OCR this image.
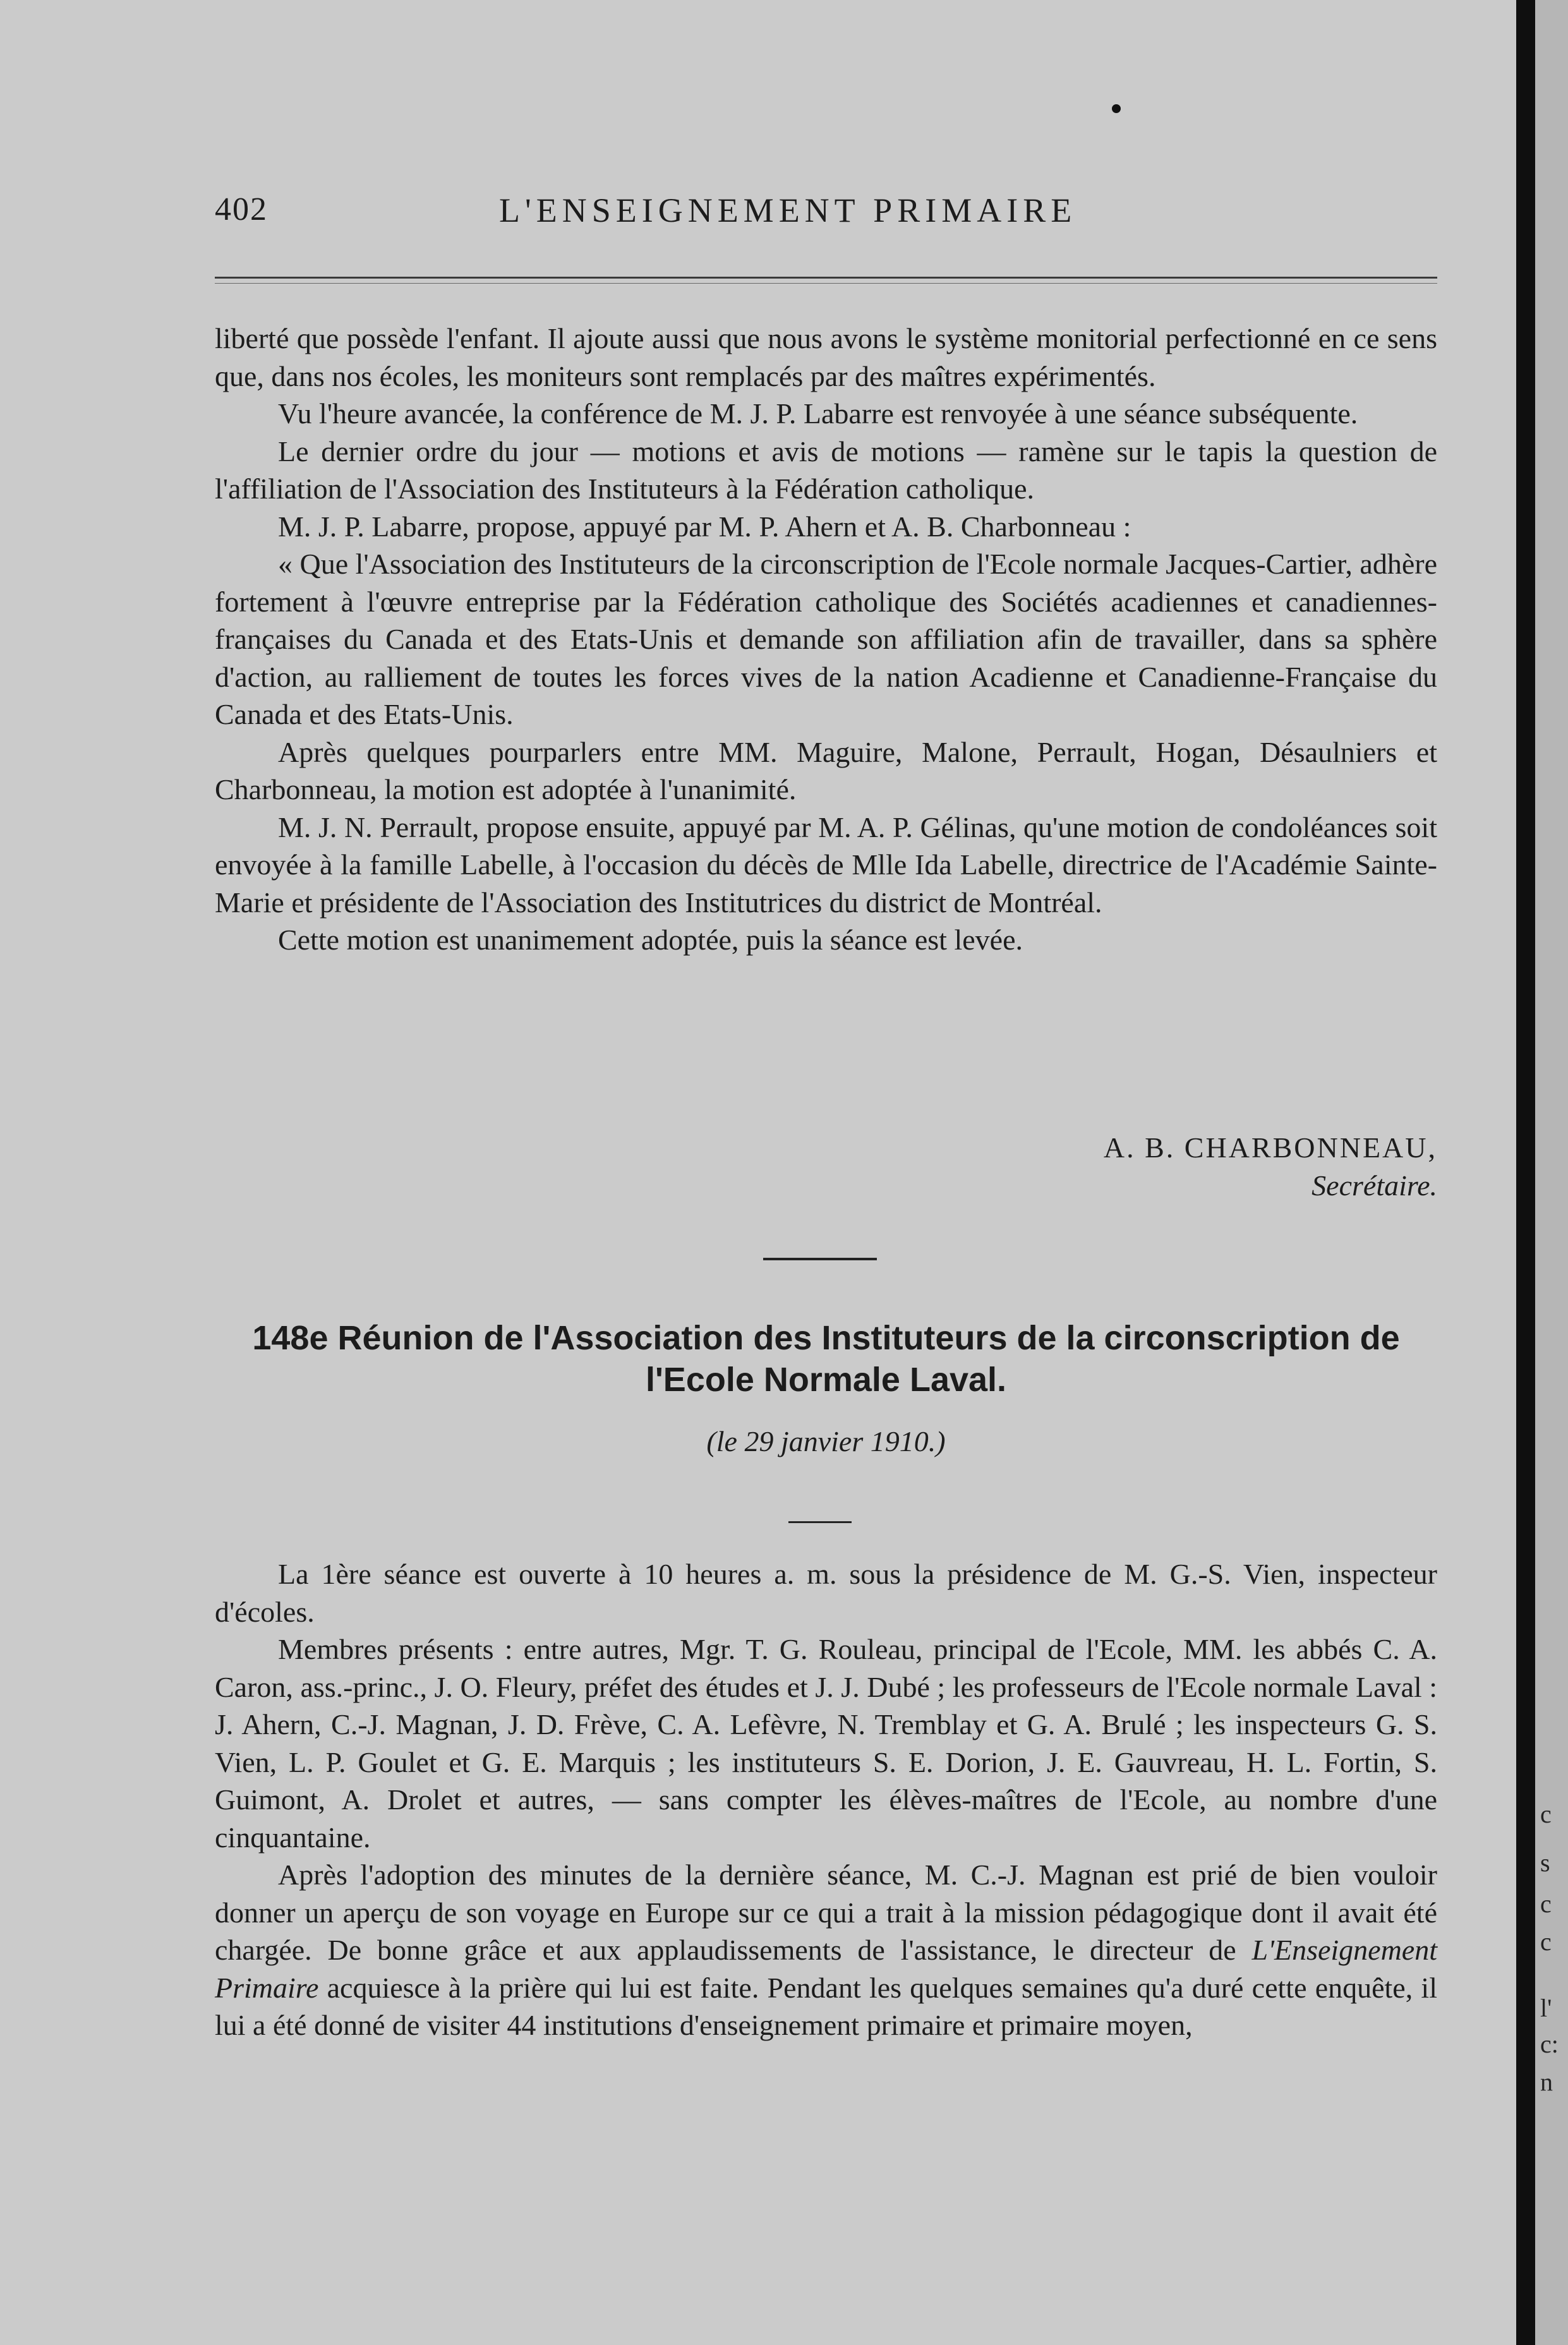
402	L'ENSEIGNEMENT PRIMAIRE

liberté que possède l'enfant. Il ajoute aussi que nous avons le système monitorial perfectionné en ce sens que, dans nos écoles, les moniteurs sont remplacés par des maîtres expérimentés.

Vu l'heure avancée, la conférence de M. J. P. Labarre est renvoyée à une séance subséquente.

Le dernier ordre du jour — motions et avis de motions — ramène sur le tapis la question de l'affiliation de l'Association des Instituteurs à la Fédération catholique.

M. J. P. Labarre, propose, appuyé par M. P. Ahern et A. B. Charbonneau :

« Que l'Association des Instituteurs de la circonscription de l'Ecole normale Jacques-Cartier, adhère fortement à l'œuvre entreprise par la Fédération catholique des Sociétés acadiennes et canadiennes-françaises du Canada et des Etats-Unis et demande son affiliation afin de travailler, dans sa sphère d'action, au ralliement de toutes les forces vives de la nation Acadienne et Canadienne-Française du Canada et des Etats-Unis.

Après quelques pourparlers entre MM. Maguire, Malone, Perrault, Hogan, Désaulniers et Charbonneau, la motion est adoptée à l'unanimité.

M. J. N. Perrault, propose ensuite, appuyé par M. A. P. Gélinas, qu'une motion de condoléances soit envoyée à la famille Labelle, à l'occasion du décès de Mlle Ida Labelle, directrice de l'Académie Sainte-Marie et présidente de l'Association des Institutrices du district de Montréal.

Cette motion est unanimement adoptée, puis la séance est levée.

A. B. CHARBONNEAU,
Secrétaire.
148e Réunion de l'Association des Instituteurs de la circonscription de l'Ecole Normale Laval.
(le 29 janvier 1910.)

La 1ère séance est ouverte à 10 heures a. m. sous la présidence de M. G.-S. Vien, inspecteur d'écoles.

Membres présents : entre autres, Mgr. T. G. Rouleau, principal de l'Ecole, MM. les abbés C. A. Caron, ass.-princ., J. O. Fleury, préfet des études et J. J. Dubé ; les professeurs de l'Ecole normale Laval : J. Ahern, C.-J. Magnan, J. D. Frève, C. A. Lefèvre, N. Tremblay et G. A. Brulé ; les inspecteurs G. S. Vien, L. P. Goulet et G. E. Marquis ; les instituteurs S. E. Dorion, J. E. Gauvreau, H. L. Fortin, S. Guimont, A. Drolet et autres, — sans compter les élèves-maîtres de l'Ecole, au nombre d'une cinquantaine.

Après l'adoption des minutes de la dernière séance, M. C.-J. Magnan est prié de bien vouloir donner un aperçu de son voyage en Europe sur ce qui a trait à la mission pédagogique dont il avait été chargée. De bonne grâce et aux applaudissements de l'assistance, le directeur de L'Enseignement Primaire acquiesce à la prière qui lui est faite. Pendant les quelques semaines qu'a duré cette enquête, il lui a été donné de visiter 44 institutions d'enseignement primaire et primaire moyen,

c
s
c
c
l'
c:
n
